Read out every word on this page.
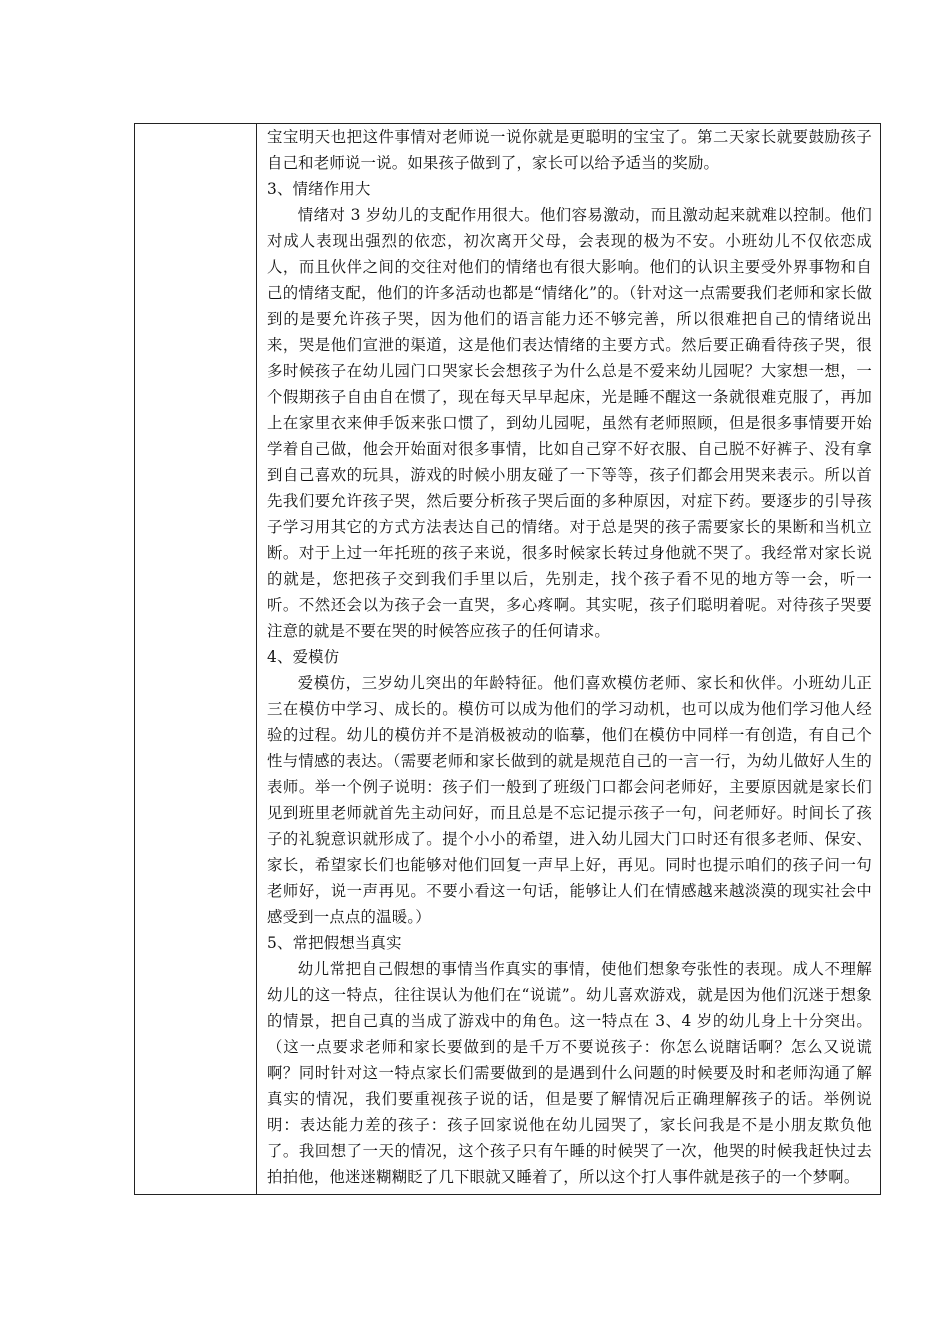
宝宝明天也把这件事情对老师说一说你就是更聪明的宝宝了。第二天家长就要鼓励孩子自己和老师说一说。如果孩子做到了，家长可以给予适当的奖励。

3、情绪作用大

情绪对 3 岁幼儿的支配作用很大。他们容易激动，而且激动起来就难以控制。他们对成人表现出强烈的依恋，初次离开父母，会表现的极为不安。小班幼儿不仅依恋成人，而且伙伴之间的交往对他们的情绪也有很大影响。他们的认识主要受外界事物和自己的情绪支配，他们的许多活动也都是“情绪化”的。（针对这一点需要我们老师和家长做到的是要允许孩子哭，因为他们的语言能力还不够完善，所以很难把自己的情绪说出来，哭是他们宣泄的渠道，这是他们表达情绪的主要方式。然后要正确看待孩子哭，很多时候孩子在幼儿园门口哭家长会想孩子为什么总是不爱来幼儿园呢？大家想一想，一个假期孩子自由自在惯了，现在每天早早起床，光是睡不醒这一条就很难克服了，再加上在家里衣来伸手饭来张口惯了，到幼儿园呢，虽然有老师照顾，但是很多事情要开始学着自己做，他会开始面对很多事情，比如自己穿不好衣服、自己脱不好裤子、没有拿到自己喜欢的玩具，游戏的时候小朋友碰了一下等等，孩子们都会用哭来表示。所以首先我们要允许孩子哭，然后要分析孩子哭后面的多种原因，对症下药。要逐步的引导孩子学习用其它的方式方法表达自己的情绪。对于总是哭的孩子需要家长的果断和当机立断。对于上过一年托班的孩子来说，很多时候家长转过身他就不哭了。我经常对家长说的就是，您把孩子交到我们手里以后，先别走，找个孩子看不见的地方等一会，听一听。不然还会以为孩子会一直哭，多心疼啊。其实呢，孩子们聪明着呢。对待孩子哭要注意的就是不要在哭的时候答应孩子的任何请求。

4、爱模仿

爱模仿，三岁幼儿突出的年龄特征。他们喜欢模仿老师、家长和伙伴。小班幼儿正三在模仿中学习、成长的。模仿可以成为他们的学习动机，也可以成为他们学习他人经验的过程。幼儿的模仿并不是消极被动的临摹，他们在模仿中同样一有创造，有自己个性与情感的表达。（需要老师和家长做到的就是规范自己的一言一行，为幼儿做好人生的表师。举一个例子说明：孩子们一般到了班级门口都会问老师好，主要原因就是家长们见到班里老师就首先主动问好，而且总是不忘记提示孩子一句，问老师好。时间长了孩子的礼貌意识就形成了。提个小小的希望，进入幼儿园大门口时还有很多老师、保安、家长，希望家长们也能够对他们回复一声早上好，再见。同时也提示咱们的孩子问一句老师好，说一声再见。不要小看这一句话，能够让人们在情感越来越淡漠的现实社会中感受到一点点的温暖。）

5、常把假想当真实

幼儿常把自己假想的事情当作真实的事情，使他们想象夸张性的表现。成人不理解幼儿的这一特点，往往误认为他们在“说谎”。幼儿喜欢游戏，就是因为他们沉迷于想象的情景，把自己真的当成了游戏中的角色。这一特点在 3、4 岁的幼儿身上十分突出。（这一点要求老师和家长要做到的是千万不要说孩子：你怎么说瞎话啊？怎么又说谎啊？同时针对这一特点家长们需要做到的是遇到什么问题的时候要及时和老师沟通了解真实的情况，我们要重视孩子说的话，但是要了解情况后正确理解孩子的话。举例说明：表达能力差的孩子：孩子回家说他在幼儿园哭了，家长问我是不是小朋友欺负他了。我回想了一天的情况，这个孩子只有午睡的时候哭了一次，他哭的时候我赶快过去拍拍他，他迷迷糊糊眨了几下眼就又睡着了，所以这个打人事件就是孩子的一个梦啊。
